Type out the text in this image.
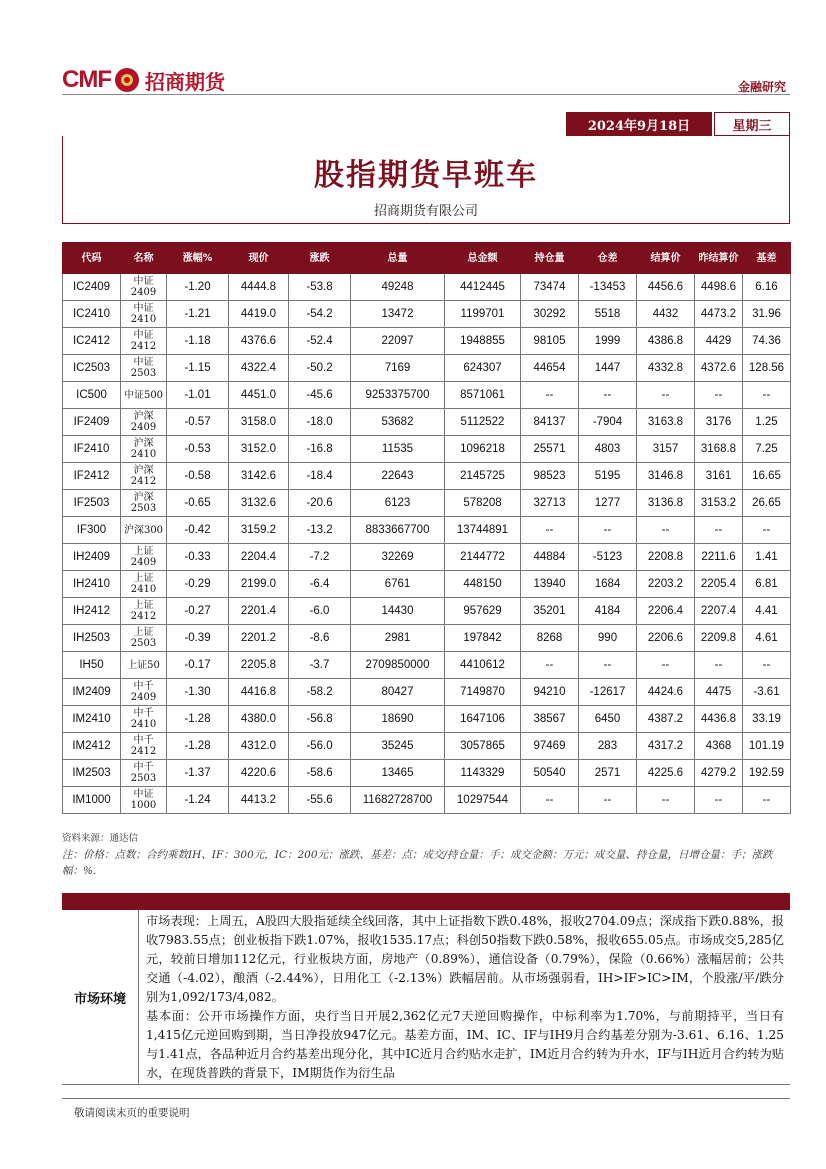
CMF 招商期货	金融研究
2024年9月18日	星期三
股指期货早班车
招商期货有限公司
代码	名称	涨幅%	现价	涨跌	总量	总金额	持仓量	仓差	结算价	昨结算价	基差
IC2409	中证2409	-1.20	4444.8	-53.8	49248	4412445	73474	-13453	4456.6	4498.6	6.16
IC2410	中证2410	-1.21	4419.0	-54.2	13472	1199701	30292	5518	4432	4473.2	31.96
IC2412	中证2412	-1.18	4376.6	-52.4	22097	1948855	98105	1999	4386.8	4429	74.36
IC2503	中证2503	-1.15	4322.4	-50.2	7169	624307	44654	1447	4332.8	4372.6	128.56
IC500	中证500	-1.01	4451.0	-45.6	9253375700	8571061	--	--	--	--	--
IF2409	沪深2409	-0.57	3158.0	-18.0	53682	5112522	84137	-7904	3163.8	3176	1.25
IF2410	沪深2410	-0.53	3152.0	-16.8	11535	1096218	25571	4803	3157	3168.8	7.25
IF2412	沪深2412	-0.58	3142.6	-18.4	22643	2145725	98523	5195	3146.8	3161	16.65
IF2503	沪深2503	-0.65	3132.6	-20.6	6123	578208	32713	1277	3136.8	3153.2	26.65
IF300	沪深300	-0.42	3159.2	-13.2	8833667700	13744891	--	--	--	--	--
IH2409	上证2409	-0.33	2204.4	-7.2	32269	2144772	44884	-5123	2208.8	2211.6	1.41
IH2410	上证2410	-0.29	2199.0	-6.4	6761	448150	13940	1684	2203.2	2205.4	6.81
IH2412	上证2412	-0.27	2201.4	-6.0	14430	957629	35201	4184	2206.4	2207.4	4.41
IH2503	上证2503	-0.39	2201.2	-8.6	2981	197842	8268	990	2206.6	2209.8	4.61
IH50	上证50	-0.17	2205.8	-3.7	2709850000	4410612	--	--	--	--	--
IM2409	中千2409	-1.30	4416.8	-58.2	80427	7149870	94210	-12617	4424.6	4475	-3.61
IM2410	中千2410	-1.28	4380.0	-56.8	18690	1647106	38567	6450	4387.2	4436.8	33.19
IM2412	中千2412	-1.28	4312.0	-56.0	35245	3057865	97469	283	4317.2	4368	101.19
IM2503	中千2503	-1.37	4220.6	-58.6	13465	1143329	50540	2571	4225.6	4279.2	192.59
IM1000	中证1000	-1.24	4413.2	-55.6	11682728700	10297544	--	--	--	--	--
资料来源：通达信
注：价格：点数；合约乘数IH、IF：300元，IC：200元；涨跌、基差：点；成交/持仓量：手；成交金额：万元；成交量、持仓量，日增仓量：手；涨跌幅：%.
市场环境

市场表现：上周五，A股四大股指延续全线回落，其中上证指数下跌0.48%，报收2704.09点；深成指下跌0.88%，报收7983.55点；创业板指下跌1.07%，报收1535.17点；科创50指数下跌0.58%，报收655.05点。市场成交5,285亿元，较前日增加112亿元，行业板块方面，房地产（0.89%），通信设备（0.79%），保险（0.66%）涨幅居前；公共交通（-4.02），酿酒（-2.44%），日用化工（-2.13%）跌幅居前。从市场强弱看，IH>IF>IC>IM，个股涨/平/跌分别为1,092/173/4,082。

基本面：公开市场操作方面，央行当日开展2,362亿元7天逆回购操作，中标利率为1.70%，与前期持平，当日有1,415亿元逆回购到期，当日净投放947亿元。基差方面，IM、IC、IF与IH9月合约基差分别为-3.61、6.16、1.25与1.41点，各品种近月合约基差出现分化，其中IC近月合约贴水走扩，IM近月合约转为升水，IF与IH近月合约转为贴水，在现货普跌的背景下，IM期货作为衍生品

敬请阅读末页的重要说明
